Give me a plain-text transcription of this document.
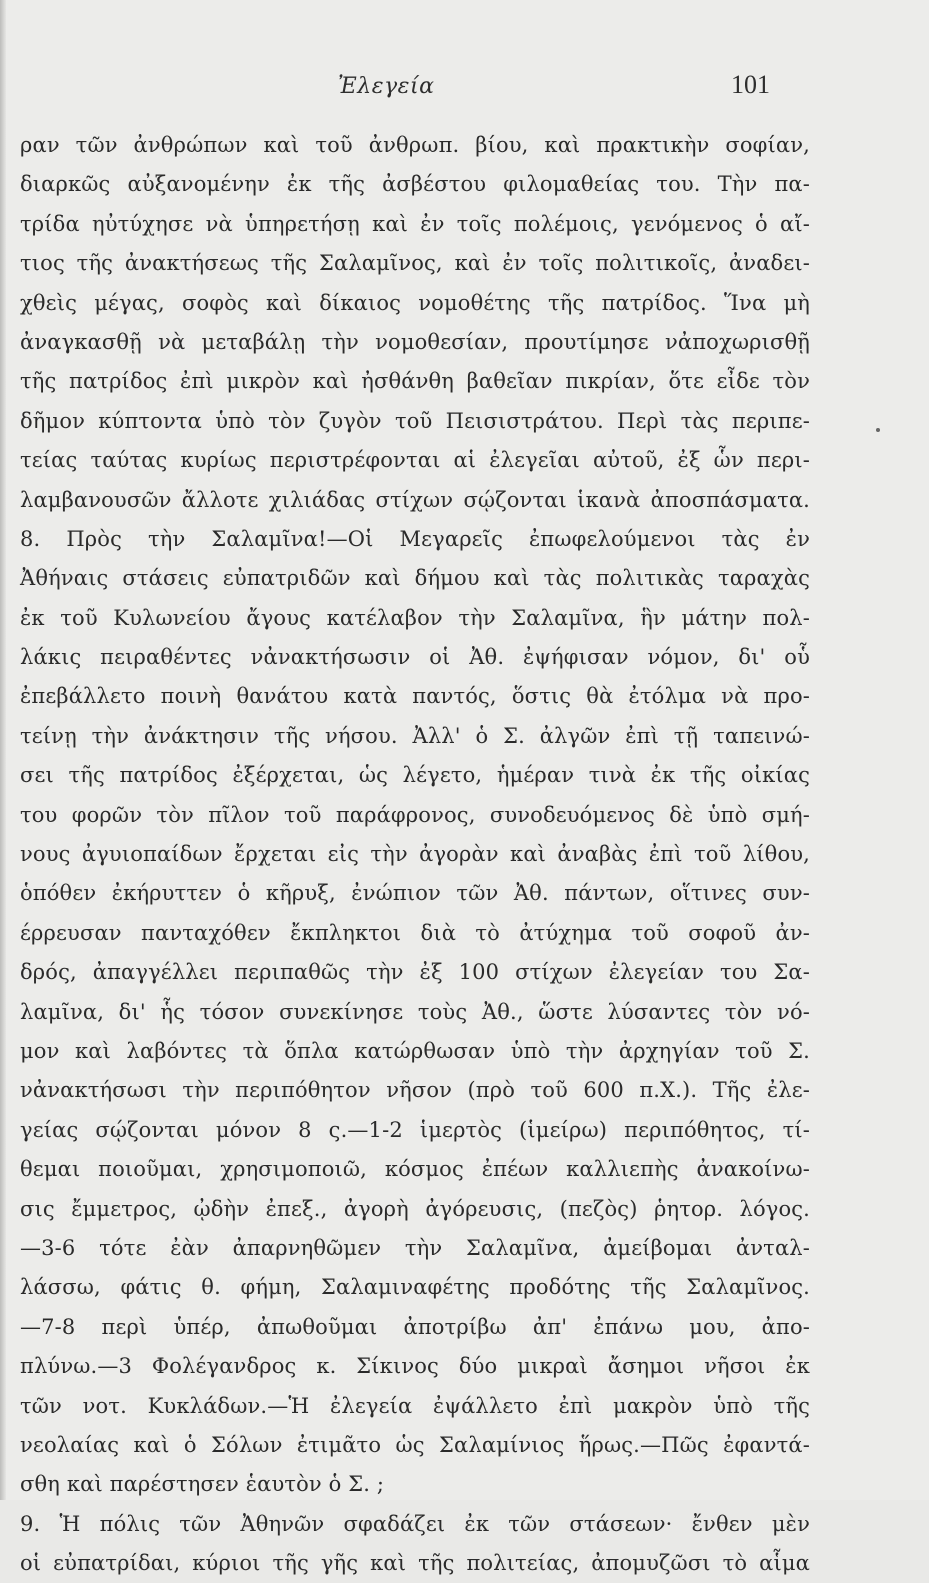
Ἐλεγεία	101
ραν τῶν ἀνθρώπων καὶ τοῦ ἀνθρωπ. βίου, καὶ πρακτικὴν σοφίαν,
διαρκῶς αὐξανομένην ἐκ τῆς ἀσβέστου φιλομαθείας του. Τὴν πα-
τρίδα ηὐτύχησε νὰ ὑπηρετήσῃ καὶ ἐν τοῖς πολέμοις, γενόμενος ὁ αἴ-
τιος τῆς ἀνακτήσεως τῆς Σαλαμῖνος, καὶ ἐν τοῖς πολιτικοῖς, ἀναδει-
χθεὶς μέγας, σοφὸς καὶ δίκαιος νομοθέτης τῆς πατρίδος. Ἵνα μὴ
ἀναγκασθῇ νὰ μεταβάλῃ τὴν νομοθεσίαν, προυτίμησε νἀποχωρισθῇ
τῆς πατρίδος ἐπὶ μικρὸν καὶ ἠσθάνθη βαθεῖαν πικρίαν, ὅτε εἶδε τὸν
δῆμον κύπτοντα ὑπὸ τὸν ζυγὸν τοῦ Πεισιστράτου. Περὶ τὰς περιπε-
τείας ταύτας κυρίως περιστρέφονται αἱ ἐλεγεῖαι αὐτοῦ, ἐξ ὧν περι-
λαμβανουσῶν ἄλλοτε χιλιάδας στίχων σῴζονται ἱκανὰ ἀποσπάσματα.
8. Πρὸς τὴν Σαλαμῖνα!—Οἱ Μεγαρεῖς ἐπωφελούμενοι τὰς ἐν
Ἀθήναις στάσεις εὐπατριδῶν καὶ δήμου καὶ τὰς πολιτικὰς ταραχὰς
ἐκ τοῦ Κυλωνείου ἄγους κατέλαβον τὴν Σαλαμῖνα, ἣν μάτην πολ-
λάκις πειραθέντες νἀνακτήσωσιν οἱ Ἀθ. ἐψήφισαν νόμον, δι' οὗ
ἐπεβάλλετο ποινὴ θανάτου κατὰ παντός, ὅστις θὰ ἐτόλμα νὰ προ-
τείνῃ τὴν ἀνάκτησιν τῆς νήσου. Ἀλλ' ὁ Σ. ἀλγῶν ἐπὶ τῇ ταπεινώ-
σει τῆς πατρίδος ἐξέρχεται, ὡς λέγετο, ἡμέραν τινὰ ἐκ τῆς οἰκίας
του φορῶν τὸν πῖλον τοῦ παράφρονος, συνοδευόμενος δὲ ὑπὸ σμή-
νους ἀγυιοπαίδων ἔρχεται εἰς τὴν ἀγορὰν καὶ ἀναβὰς ἐπὶ τοῦ λίθου,
ὁπόθεν ἐκήρυττεν ὁ κῆρυξ, ἐνώπιον τῶν Ἀθ. πάντων, οἵτινες συν-
έρρευσαν πανταχόθεν ἔκπληκτοι διὰ τὸ ἀτύχημα τοῦ σοφοῦ ἀν-
δρός, ἀπαγγέλλει περιπαθῶς τὴν ἐξ 100 στίχων ἐλεγείαν του Σα-
λαμῖνα, δι' ἧς τόσον συνεκίνησε τοὺς Ἀθ., ὥστε λύσαντες τὸν νό-
μον καὶ λαβόντες τὰ ὅπλα κατώρθωσαν ὑπὸ τὴν ἀρχηγίαν τοῦ Σ.
νἀνακτήσωσι τὴν περιπόθητον νῆσον (πρὸ τοῦ 600 π.Χ.). Τῆς ἐλε-
γείας σῴζονται μόνον 8 ς.—1-2 ἱμερτὸς (ἱμείρω) περιπόθητος, τί-
θεμαι ποιοῦμαι, χρησιμοποιῶ, κόσμος ἐπέων καλλιεπὴς ἀνακοίνω-
σις ἔμμετρος, ᾠδὴν ἐπεξ., ἀγορὴ ἀγόρευσις, (πεζὸς) ῥητορ. λόγος.
—3-6 τότε ἐὰν ἀπαρνηθῶμεν τὴν Σαλαμῖνα, ἀμείβομαι ἀνταλ-
λάσσω, φάτις θ. φήμη, Σαλαμιναφέτης προδότης τῆς Σαλαμῖνος.
—7-8 περὶ ὑπέρ, ἀπωθοῦμαι ἀποτρίβω ἀπ' ἐπάνω μου, ἀπο-
πλύνω.—3 Φολέγανδρος κ. Σίκινος δύο μικραὶ ἄσημοι νῆσοι ἐκ
τῶν νοτ. Κυκλάδων.—Ἡ ἐλεγεία ἐψάλλετο ἐπὶ μακρὸν ὑπὸ τῆς
νεολαίας καὶ ὁ Σόλων ἐτιμᾶτο ὡς Σαλαμίνιος ἥρως.—Πῶς ἐφαντά-
σθη καὶ παρέστησεν ἑαυτὸν ὁ Σ. ;
9. Ἡ πόλις τῶν Ἀθηνῶν σφαδάζει ἐκ τῶν στάσεων· ἔνθεν μὲν
οἱ εὐπατρίδαι, κύριοι τῆς γῆς καὶ τῆς πολιτείας, ἀπομυζῶσι τὸ αἷμα
